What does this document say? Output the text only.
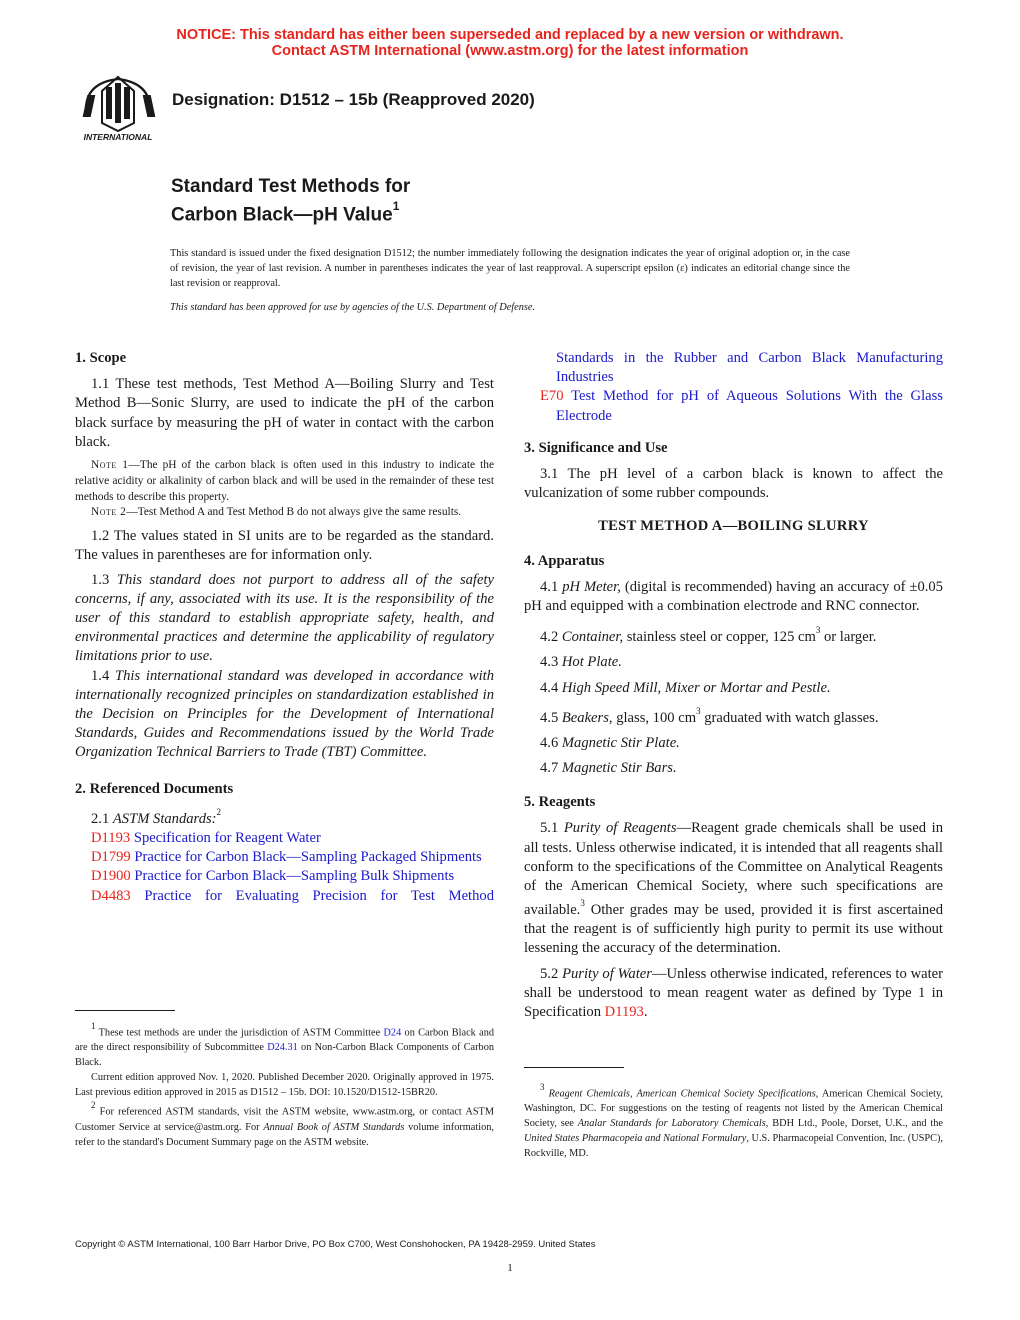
NOTICE: This standard has either been superseded and replaced by a new version or withdrawn.
Contact ASTM International (www.astm.org) for the latest information
INTERNATIONAL
Designation: D1512 – 15b (Reapproved 2020)
Standard Test Methods for
Carbon Black—pH Value$^1$
This standard is issued under the fixed designation D1512; the number immediately following the designation indicates the year of original adoption or, in the case of revision, the year of last revision. A number in parentheses indicates the year of last reapproval. A superscript epsilon (ε) indicates an editorial change since the last revision or reapproval.
This standard has been approved for use by agencies of the U.S. Department of Defense.
1. Scope

1.1 These test methods, Test Method A—Boiling Slurry and Test Method B—Sonic Slurry, are used to indicate the pH of the carbon black surface by measuring the pH of water in contact with the carbon black.

Note 1—The pH of the carbon black is often used in this industry to indicate the relative acidity or alkalinity of carbon black and will be used in the remainder of these test methods to describe this property.
Note 2—Test Method A and Test Method B do not always give the same results.

1.2 The values stated in SI units are to be regarded as the standard. The values in parentheses are for information only.

1.3 This standard does not purport to address all of the safety concerns, if any, associated with its use. It is the responsibility of the user of this standard to establish appropriate safety, health, and environmental practices and determine the applicability of regulatory limitations prior to use.

1.4 This international standard was developed in accordance with internationally recognized principles on standardization established in the Decision on Principles for the Development of International Standards, Guides and Recommendations issued by the World Trade Organization Technical Barriers to Trade (TBT) Committee.

2. Referenced Documents

2.1 ASTM Standards:$^2$

D1193 Specification for Reagent Water
D1799 Practice for Carbon Black—Sampling Packaged Shipments
D1900 Practice for Carbon Black—Sampling Bulk Shipments
D4483 Practice for Evaluating Precision for Test Method

$^1$ These test methods are under the jurisdiction of ASTM Committee D24 on Carbon Black and are the direct responsibility of Subcommittee D24.31 on Non-Carbon Black Components of Carbon Black.

Current edition approved Nov. 1, 2020. Published December 2020. Originally approved in 1975. Last previous edition approved in 2015 as D1512 – 15b. DOI: 10.1520/D1512-15BR20.

$^2$ For referenced ASTM standards, visit the ASTM website, www.astm.org, or contact ASTM Customer Service at service@astm.org. For Annual Book of ASTM Standards volume information, refer to the standard's Document Summary page on the ASTM website.

Standards in the Rubber and Carbon Black Manufacturing Industries
E70 Test Method for pH of Aqueous Solutions With the Glass Electrode
3. Significance and Use

3.1 The pH level of a carbon black is known to affect the vulcanization of some rubber compounds.

TEST METHOD A—BOILING SLURRY
4. Apparatus

4.1 pH Meter, (digital is recommended) having an accuracy of ±0.05 pH and equipped with a combination electrode and RNC connector.

4.2 Container, stainless steel or copper, 125 $cm^3$ or larger.

4.3 Hot Plate.

4.4 High Speed Mill, Mixer or Mortar and Pestle.

4.5 Beakers, glass, 100 $cm^3$ graduated with watch glasses.

4.6 Magnetic Stir Plate.

4.7 Magnetic Stir Bars.

5. Reagents

5.1 Purity of Reagents—Reagent grade chemicals shall be used in all tests. Unless otherwise indicated, it is intended that all reagents shall conform to the specifications of the Committee on Analytical Reagents of the American Chemical Society, where such specifications are available.$^3$ Other grades may be used, provided it is first ascertained that the reagent is of sufficiently high purity to permit its use without lessening the accuracy of the determination.

5.2 Purity of Water—Unless otherwise indicated, references to water shall be understood to mean reagent water as defined by Type 1 in Specification D1193.

$^3$ Reagent Chemicals, American Chemical Society Specifications, American Chemical Society, Washington, DC. For suggestions on the testing of reagents not listed by the American Chemical Society, see Analar Standards for Laboratory Chemicals, BDH Ltd., Poole, Dorset, U.K., and the United States Pharmacopeia and National Formulary, U.S. Pharmacopeial Convention, Inc. (USPC), Rockville, MD.

Copyright © ASTM International, 100 Barr Harbor Drive, PO Box C700, West Conshohocken, PA 19428-2959. United States
1
